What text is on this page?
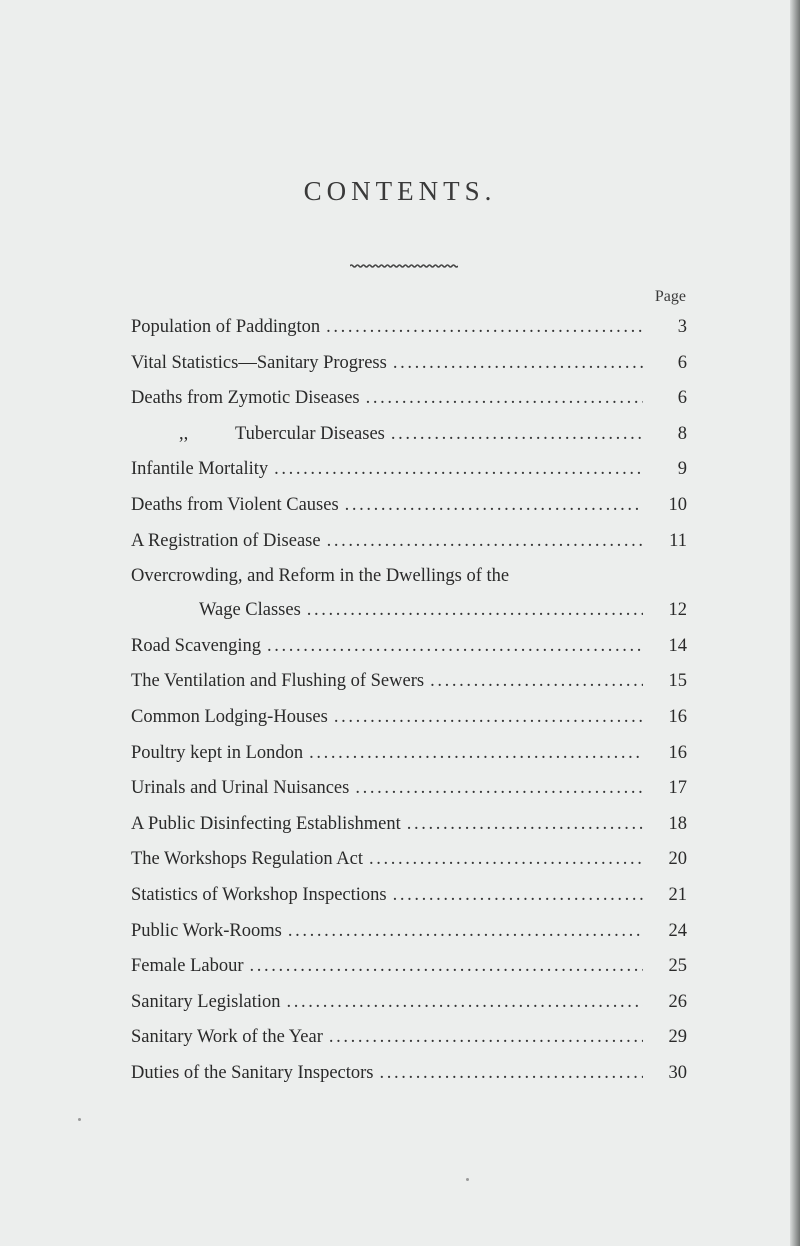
CONTENTS.
Page
Population of Paddington . . .	3
Vital Statistics—Sanitary Progress . . .	6
Deaths from Zymotic Diseases . . .	6
,,	Tubercular Diseases . . .	8
Infantile Mortality . . .	9
Deaths from Violent Causes . . .	10
A Registration of Disease . . .	11
Overcrowding, and Reform in the Dwellings of the
Wage Classes . . .	12
Road Scavenging . . .	14
The Ventilation and Flushing of Sewers . . .	15
Common Lodging-Houses . . .	16
Poultry kept in London . . .	16
Urinals and Urinal Nuisances . . .	17
A Public Disinfecting Establishment . . .	18
The Workshops Regulation Act . . .	20
Statistics of Workshop Inspections . . .	21
Public Work-Rooms . . .	24
Female Labour . . .	25
Sanitary Legislation . . .	26
Sanitary Work of the Year . . .	29
Duties of the Sanitary Inspectors . . .	30
